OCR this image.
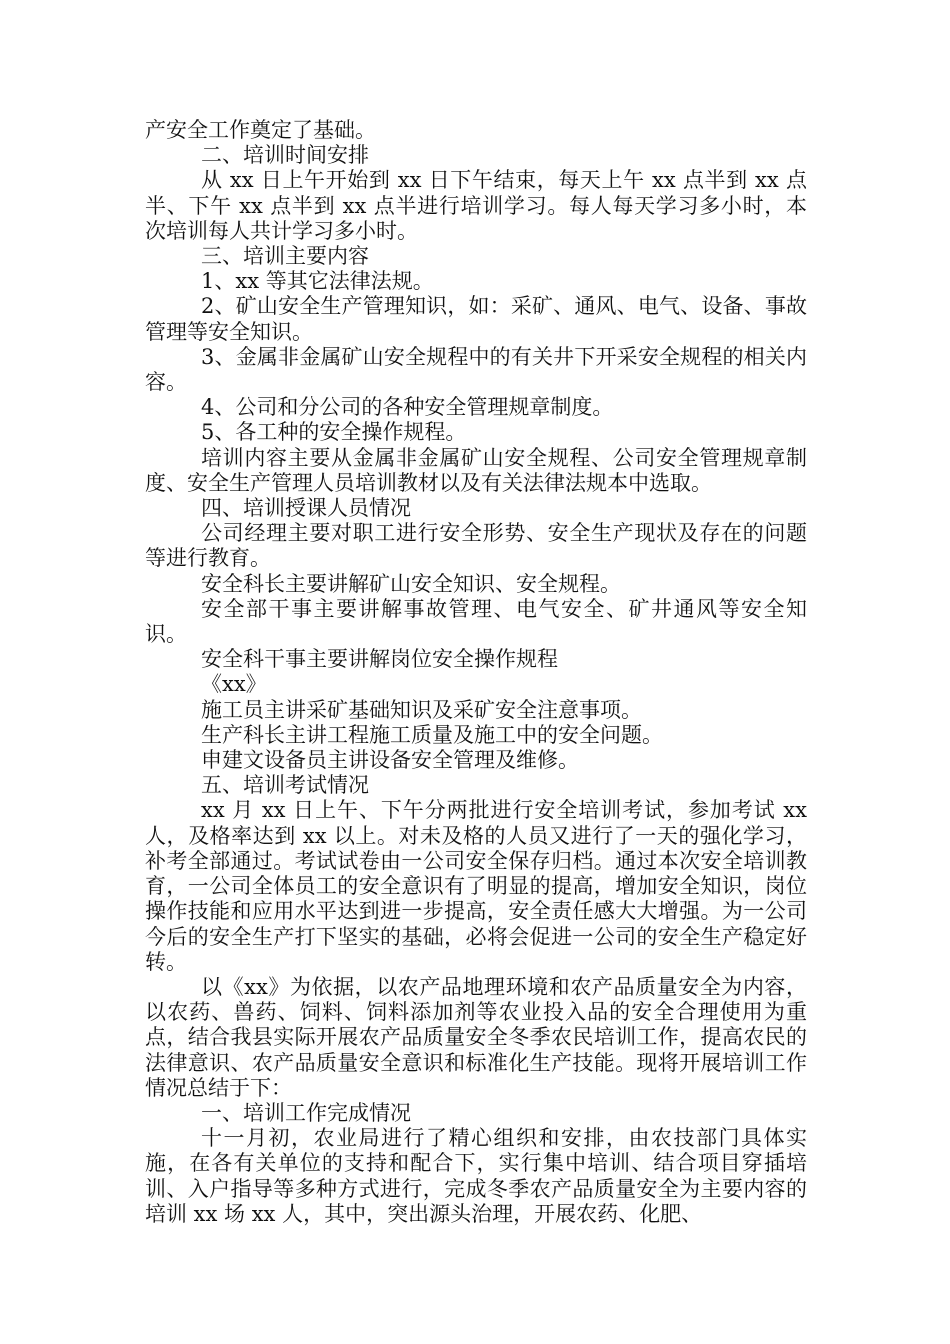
产安全工作奠定了基础。

二、培训时间安排

从 xx 日上午开始到 xx 日下午结束，每天上午 xx 点半到 xx 点半、下午 xx 点半到 xx 点半进行培训学习。每人每天学习多小时，本次培训每人共计学习多小时。

三、培训主要内容

1、xx 等其它法律法规。

2、矿山安全生产管理知识，如：采矿、通风、电气、设备、事故管理等安全知识。

3、金属非金属矿山安全规程中的有关井下开采安全规程的相关内容。

4、公司和分公司的各种安全管理规章制度。

5、各工种的安全操作规程。

培训内容主要从金属非金属矿山安全规程、公司安全管理规章制度、安全生产管理人员培训教材以及有关法律法规本中选取。

四、培训授课人员情况

公司经理主要对职工进行安全形势、安全生产现状及存在的问题等进行教育。

安全科长主要讲解矿山安全知识、安全规程。

安全部干事主要讲解事故管理、电气安全、矿井通风等安全知识。

安全科干事主要讲解岗位安全操作规程

《xx》

施工员主讲采矿基础知识及采矿安全注意事项。

生产科长主讲工程施工质量及施工中的安全问题。

申建文设备员主讲设备安全管理及维修。

五、培训考试情况

xx 月 xx 日上午、下午分两批进行安全培训考试，参加考试 xx 人，及格率达到 xx 以上。对未及格的人员又进行了一天的强化学习，补考全部通过。考试试卷由一公司安全保存归档。通过本次安全培训教育，一公司全体员工的安全意识有了明显的提高，增加安全知识，岗位操作技能和应用水平达到进一步提高，安全责任感大大增强。为一公司今后的安全生产打下坚实的基础，必将会促进一公司的安全生产稳定好转。

以《xx》为依据，以农产品地理环境和农产品质量安全为内容，以农药、兽药、饲料、饲料添加剂等农业投入品的安全合理使用为重点，结合我县实际开展农产品质量安全冬季农民培训工作，提高农民的法律意识、农产品质量安全意识和标准化生产技能。现将开展培训工作情况总结于下：

一、培训工作完成情况

十一月初，农业局进行了精心组织和安排，由农技部门具体实施，在各有关单位的支持和配合下，实行集中培训、结合项目穿插培训、入户指导等多种方式进行，完成冬季农产品质量安全为主要内容的培训 xx 场 xx 人，其中，突出源头治理，开展农药、化肥、
